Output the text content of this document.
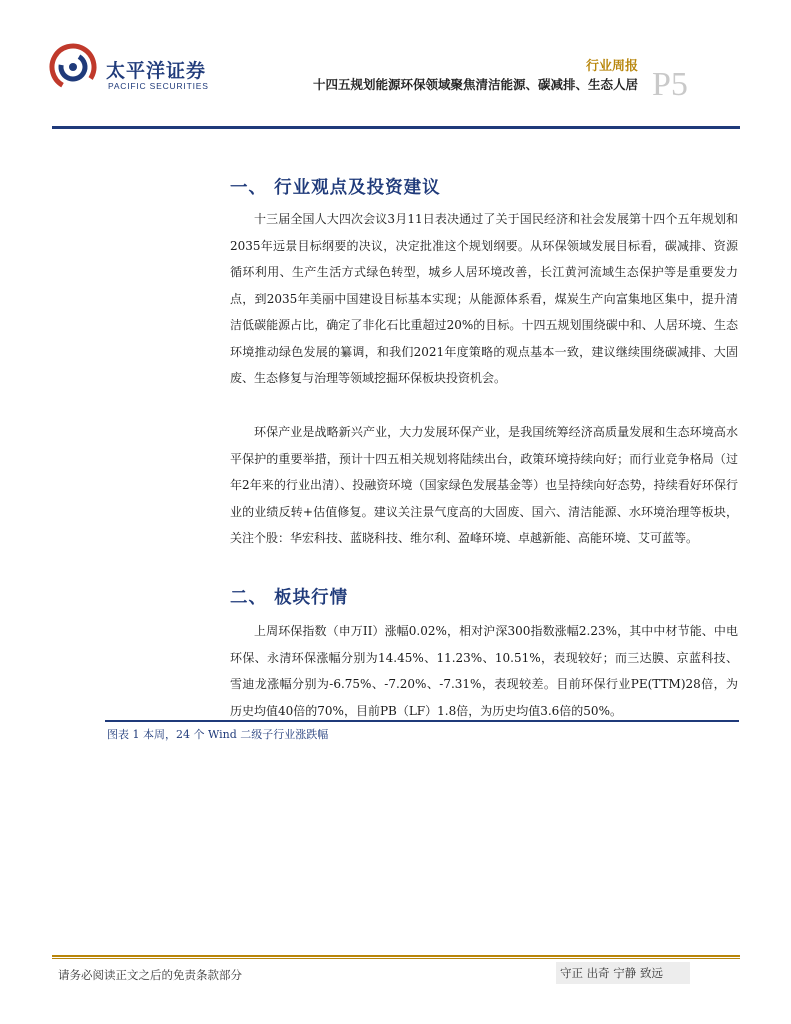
太平洋证券
PACIFIC SECURITIES
行业周报
十四五规划能源环保领域聚焦清洁能源、碳减排、生态人居 P5
一、 行业观点及投资建议

十三届全国人大四次会议3月11日表决通过了关于国民经济和社会发展第十四个五年规划和2035年远景目标纲要的决议，决定批准这个规划纲要。从环保领域发展目标看，碳减排、资源循环利用、生产生活方式绿色转型，城乡人居环境改善，长江黄河流域生态保护等是重要发力点，到2035年美丽中国建设目标基本实现；从能源体系看，煤炭生产向富集地区集中，提升清洁低碳能源占比，确定了非化石比重超过20%的目标。十四五规划围绕碳中和、人居环境、生态环境推动绿色发展的纂调，和我们2021年度策略的观点基本一致，建议继续围绕碳减排、大固废、生态修复与治理等领域挖掘环保板块投资机会。

环保产业是战略新兴产业，大力发展环保产业，是我国统筹经济高质量发展和生态环境高水平保护的重要举措，预计十四五相关规划将陆续出台，政策环境持续向好；而行业竞争格局（过年2年来的行业出清）、投融资环境（国家绿色发展基金等）也呈持续向好态势，持续看好环保行业的业绩反转+估值修复。建议关注景气度高的大固废、国六、清洁能源、水环境治理等板块，关注个股：华宏科技、蓝晓科技、维尔利、盈峰环境、卓越新能、高能环境、艾可蓝等。

二、 板块行情

上周环保指数（申万II）涨幅0.02%，相对沪深300指数涨幅2.23%，其中中材节能、中电环保、永清环保涨幅分别为14.45%、11.23%、10.51%，表现较好；而三达膜、京蓝科技、雪迪龙涨幅分别为-6.75%、-7.20%、-7.31%，表现较差。目前环保行业PE(TTM)28倍，为历史均值40倍的70%，目前PB（LF）1.8倍，为历史均值3.6倍的50%。

图表 1 本周，24 个 Wind 二级子行业涨跌幅
请务必阅读正文之后的免责条款部分	守正 出奇 宁静 致远
